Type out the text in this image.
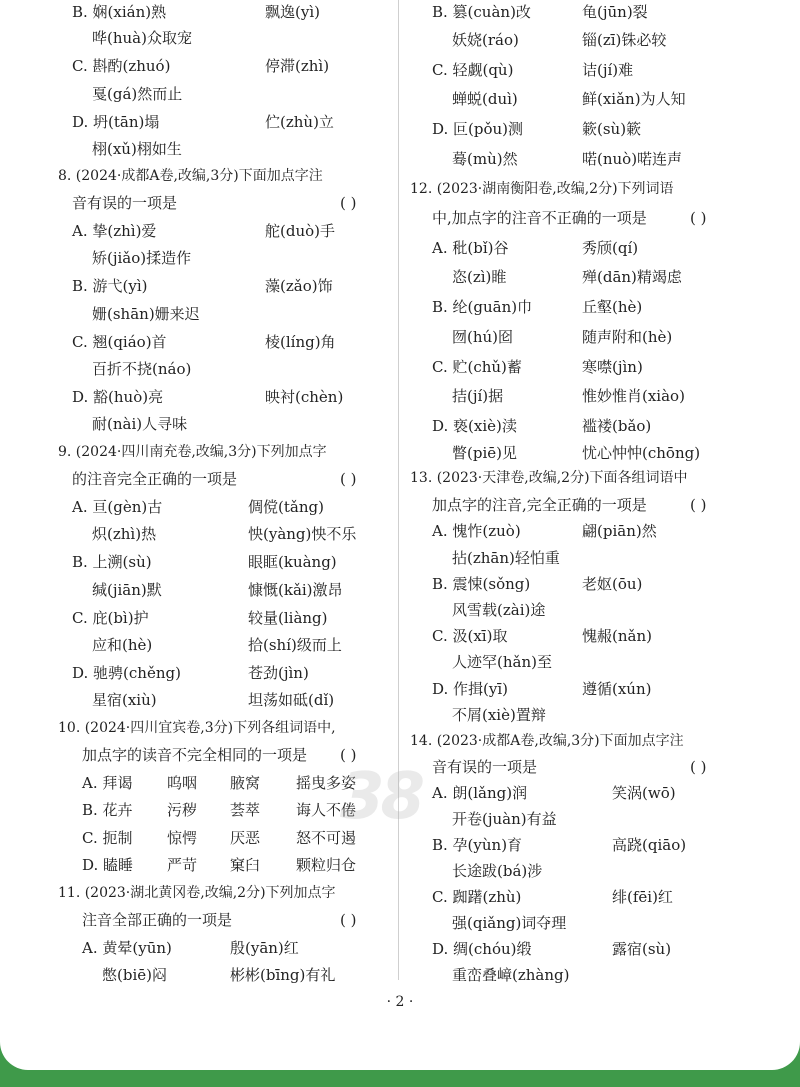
B. 娴(xián)熟	飘逸(yì)
哗(huà)众取宠
C. 斟酌(zhuó)	停滞(zhì)
戛(gá)然而止
D. 坍(tān)塌	伫(zhù)立
栩(xǔ)栩如生
8. (2024·成都A卷,改编,3分)下面加点字注
音有误的一项是
A. 挚(zhì)爱	舵(duò)手
矫(jiǎo)揉造作
B. 游弋(yì)	藻(zǎo)饰
姗(shān)姗来迟
C. 翘(qiáo)首	棱(líng)角
百折不挠(náo)
D. 豁(huò)亮	映衬(chèn)
耐(nài)人寻味
9. (2024·四川南充卷,改编,3分)下列加点字
的注音完全正确的一项是
A. 亘(gèn)古	倜傥(tǎng)
炽(zhì)热	怏(yàng)怏不乐
B. 上溯(sù)	眼眶(kuàng)
缄(jiān)默	慷慨(kǎi)激昂
C. 庇(bì)护	较量(liàng)
应和(hè)	拾(shí)级而上
D. 驰骋(chěng)	苍劲(jìn)
星宿(xiù)	坦荡如砥(dǐ)
10. (2024·四川宜宾卷,3分)下列各组词语中,
加点字的读音不完全相同的一项是
A. 拜谒 呜咽 腋窝 摇曳多姿
B. 花卉 污秽 荟萃 诲人不倦
C. 扼制 惊愕 厌恶 怒不可遏
D. 瞌睡 严苛 窠臼 颗粒归仓
11. (2023·湖北黄冈卷,改编,2分)下列加点字
注音全部正确的一项是
A. 黄晕(yūn)	殷(yān)红
憋(biē)闷	彬彬(bīng)有礼
( )
( )
( )
( )
B. 篡(cuàn)改	龟(jūn)裂
妖娆(ráo)	锱(zī)铢必较
C. 轻觑(qù)	诘(jí)难
蝉蜕(duì)	鲜(xiǎn)为人知
D. 叵(pǒu)测	簌(sù)簌
蓦(mù)然	喏(nuò)喏连声
12. (2023·湖南衡阳卷,改编,2分)下列词语
中,加点字的注音不正确的一项是
A. 秕(bǐ)谷	秀颀(qí)
恣(zì)睢	殚(dān)精竭虑
B. 纶(guān)巾	丘壑(hè)
囫(hú)囵	随声附和(hè)
C. 贮(chǔ)蓄	寒噤(jìn)
拮(jí)据	惟妙惟肖(xiào)
D. 亵(xiè)渎	褴褛(bǎo)
瞥(piē)见	忧心忡忡(chōng)
13. (2023·天津卷,改编,2分)下面各组词语中
加点字的注音,完全正确的一项是
A. 愧怍(zuò)	翩(piān)然
拈(zhān)轻怕重
B. 震悚(sǒng)	老妪(ōu)
风雪载(zài)途
C. 汲(xī)取	愧赧(nǎn)
人迹罕(hǎn)至
D. 作揖(yī)	遵循(xún)
不屑(xiè)置辩
14. (2023·成都A卷,改编,3分)下面加点字注
音有误的一项是
A. 朗(lǎng)润	笑涡(wō)
开卷(juàn)有益
B. 孕(yùn)育	高跷(qiāo)
长途跋(bá)涉
C. 踟躇(zhù)	绯(fēi)红
强(qiǎng)词夺理
D. 绸(chóu)缎	露宿(sù)
重峦叠嶂(zhàng)
( )
( )
( )
38
· 2 ·
